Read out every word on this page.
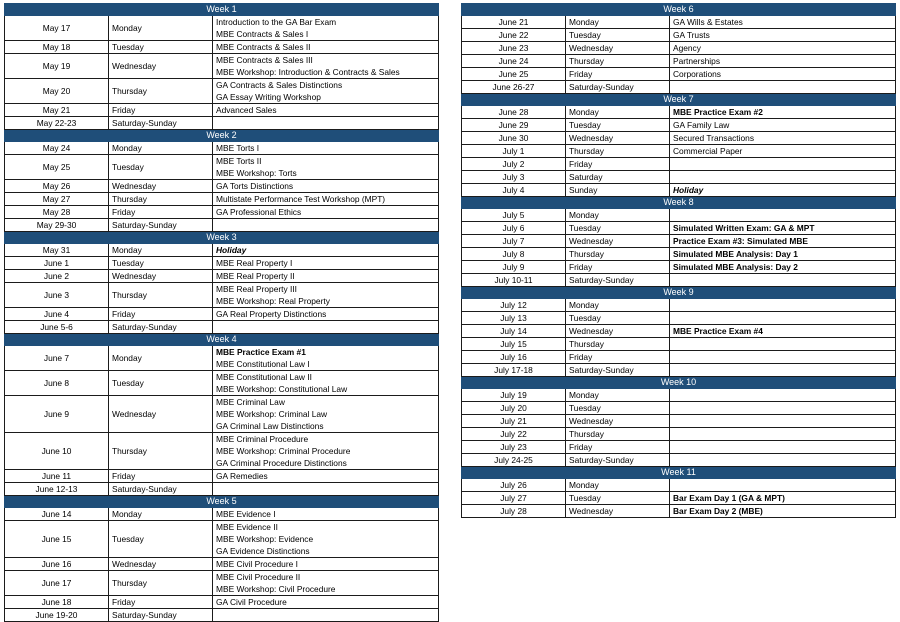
Week 1		
May 17	Monday	Introduction to the GA Bar Exam
MBE Contracts & Sales I

May 18	Tuesday	MBE Contracts & Sales II

May 19	Wednesday	MBE Contracts & Sales III
MBE Workshop: Introduction & Contracts & Sales

May 20	Thursday	GA Contracts & Sales Distinctions
GA Essay Writing Workshop

May 21	Friday	Advanced Sales

May 22-23	Saturday-Sunday	

Week 2		
May 24	Monday	MBE Torts I

May 25	Tuesday	MBE Torts II
MBE Workshop: Torts

May 26	Wednesday	GA Torts Distinctions

May 27	Thursday	Multistate Performance Test Workshop (MPT)

May 28	Friday	GA Professional Ethics

May 29-30	Saturday-Sunday	

Week 3		
May 31	Monday	Holiday

June 1	Tuesday	MBE Real Property I

June 2	Wednesday	MBE Real Property II

June 3	Thursday	MBE Real Property III
MBE Workshop: Real Property

June 4	Friday	GA Real Property Distinctions

June 5-6	Saturday-Sunday	

Week 4		
June 7	Monday	MBE Practice Exam #1
MBE Constitutional Law I

June 8	Tuesday	MBE Constitutional Law II
MBE Workshop: Constitutional Law

June 9	Wednesday	MBE Criminal Law
MBE Workshop: Criminal Law
GA Criminal Law Distinctions

June 10	Thursday	MBE Criminal Procedure
MBE Workshop: Criminal Procedure
GA Criminal Procedure Distinctions

June 11	Friday	GA Remedies

June 12-13	Saturday-Sunday	

Week 5		
June 14	Monday	MBE Evidence I

June 15	Tuesday	MBE Evidence II
MBE Workshop: Evidence
GA Evidence Distinctions

June 16	Wednesday	MBE Civil Procedure I

June 17	Thursday	MBE Civil Procedure II
MBE Workshop: Civil Procedure

June 18	Friday	GA Civil Procedure

June 19-20	Saturday-Sunday	
Week 6		
June 21	Monday	GA Wills & Estates

June 22	Tuesday	GA Trusts

June 23	Wednesday	Agency

June 24	Thursday	Partnerships

June 25	Friday	Corporations

June 26-27	Saturday-Sunday	

Week 7		
June 28	Monday	MBE Practice Exam #2

June 29	Tuesday	GA Family Law

June 30	Wednesday	Secured Transactions

July 1	Thursday	Commercial Paper

July 2	Friday	

July 3	Saturday	

July 4	Sunday	Holiday

Week 8		
July 5	Monday	

July 6	Tuesday	Simulated Written Exam: GA & MPT

July 7	Wednesday	Practice Exam #3: Simulated MBE

July 8	Thursday	Simulated MBE Analysis: Day 1

July 9	Friday	Simulated MBE Analysis: Day 2

July 10-11	Saturday-Sunday	

Week 9		
July 12	Monday	

July 13	Tuesday	

July 14	Wednesday	MBE Practice Exam #4

July 15	Thursday	

July 16	Friday	

July 17-18	Saturday-Sunday	

Week 10		
July 19	Monday	

July 20	Tuesday	

July 21	Wednesday	

July 22	Thursday	

July 23	Friday	

July 24-25	Saturday-Sunday	

Week 11		
July 26	Monday	

July 27	Tuesday	Bar Exam Day 1 (GA & MPT)

July 28	Wednesday	Bar Exam Day 2 (MBE)
